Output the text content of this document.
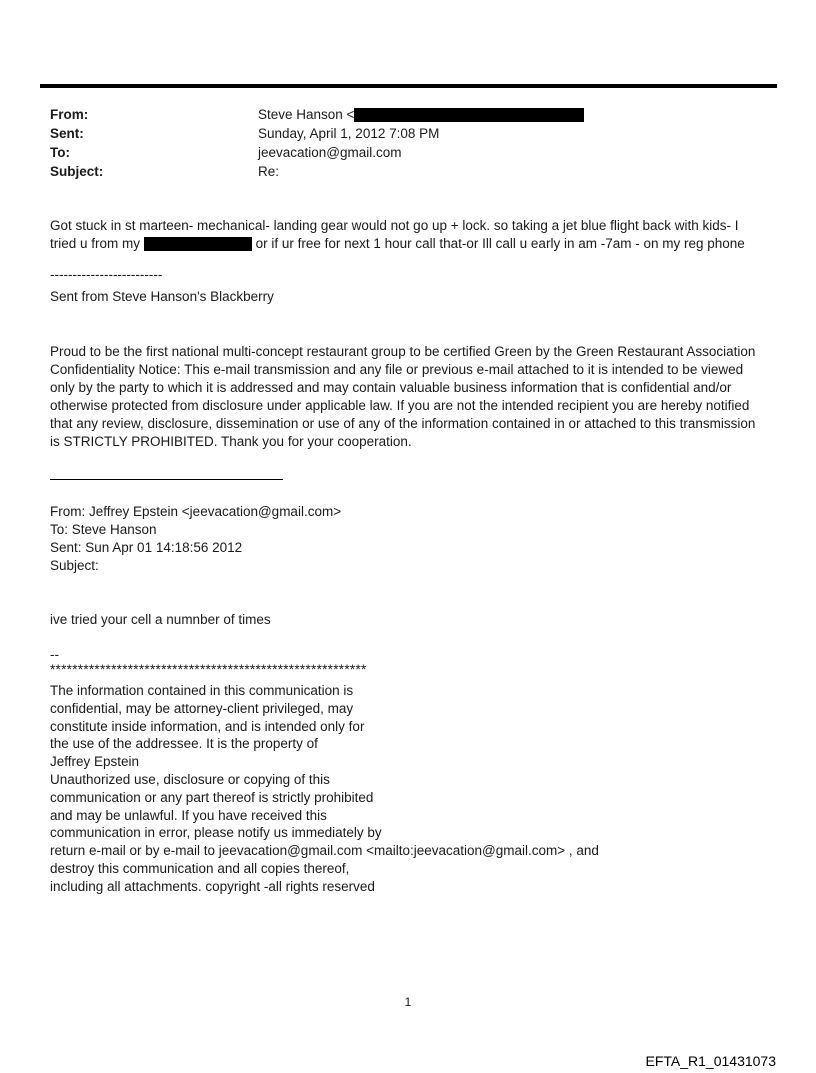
From:	Steve Hanson <
Sent:	Sunday, April 1, 2012 7:08 PM
To:	jeevacation@gmail.com
Subject:	Re:

Got stuck in st marteen- mechanical- landing gear would not go up + lock. so taking a jet blue flight back with kids- I tried u from my	or if ur free for next 1 hour call that-or Ill call u early in am -7am - on my reg phone

-------------------------
Sent from Steve Hanson's Blackberry

Proud to be the first national multi-concept restaurant group to be certified Green by the Green Restaurant Association Confidentiality Notice: This e-mail transmission and any file or previous e-mail attached to it is intended to be viewed only by the party to which it is addressed and may contain valuable business information that is confidential and/or otherwise protected from disclosure under applicable law. If you are not the intended recipient you are hereby notified that any review, disclosure, dissemination or use of any of the information contained in or attached to this transmission is STRICTLY PROHIBITED. Thank you for your cooperation.

From: Jeffrey Epstein <jeevacation@gmail.com>
To: Steve Hanson
Sent: Sun Apr 01 14:18:56 2012
Subject:
ive tried your cell a numnber of times
--
*********************************************************
The information contained in this communication is
confidential, may be attorney-client privileged, may
constitute inside information, and is intended only for
the use of the addressee. It is the property of
Jeffrey Epstein
Unauthorized use, disclosure or copying of this
communication or any part thereof is strictly prohibited
and may be unlawful. If you have received this
communication in error, please notify us immediately by
return e-mail or by e-mail to jeevacation@gmail.com <mailto:jeevacation@gmail.com> , and
destroy this communication and all copies thereof,
including all attachments. copyright -all rights reserved
1
EFTA_R1_01431073
